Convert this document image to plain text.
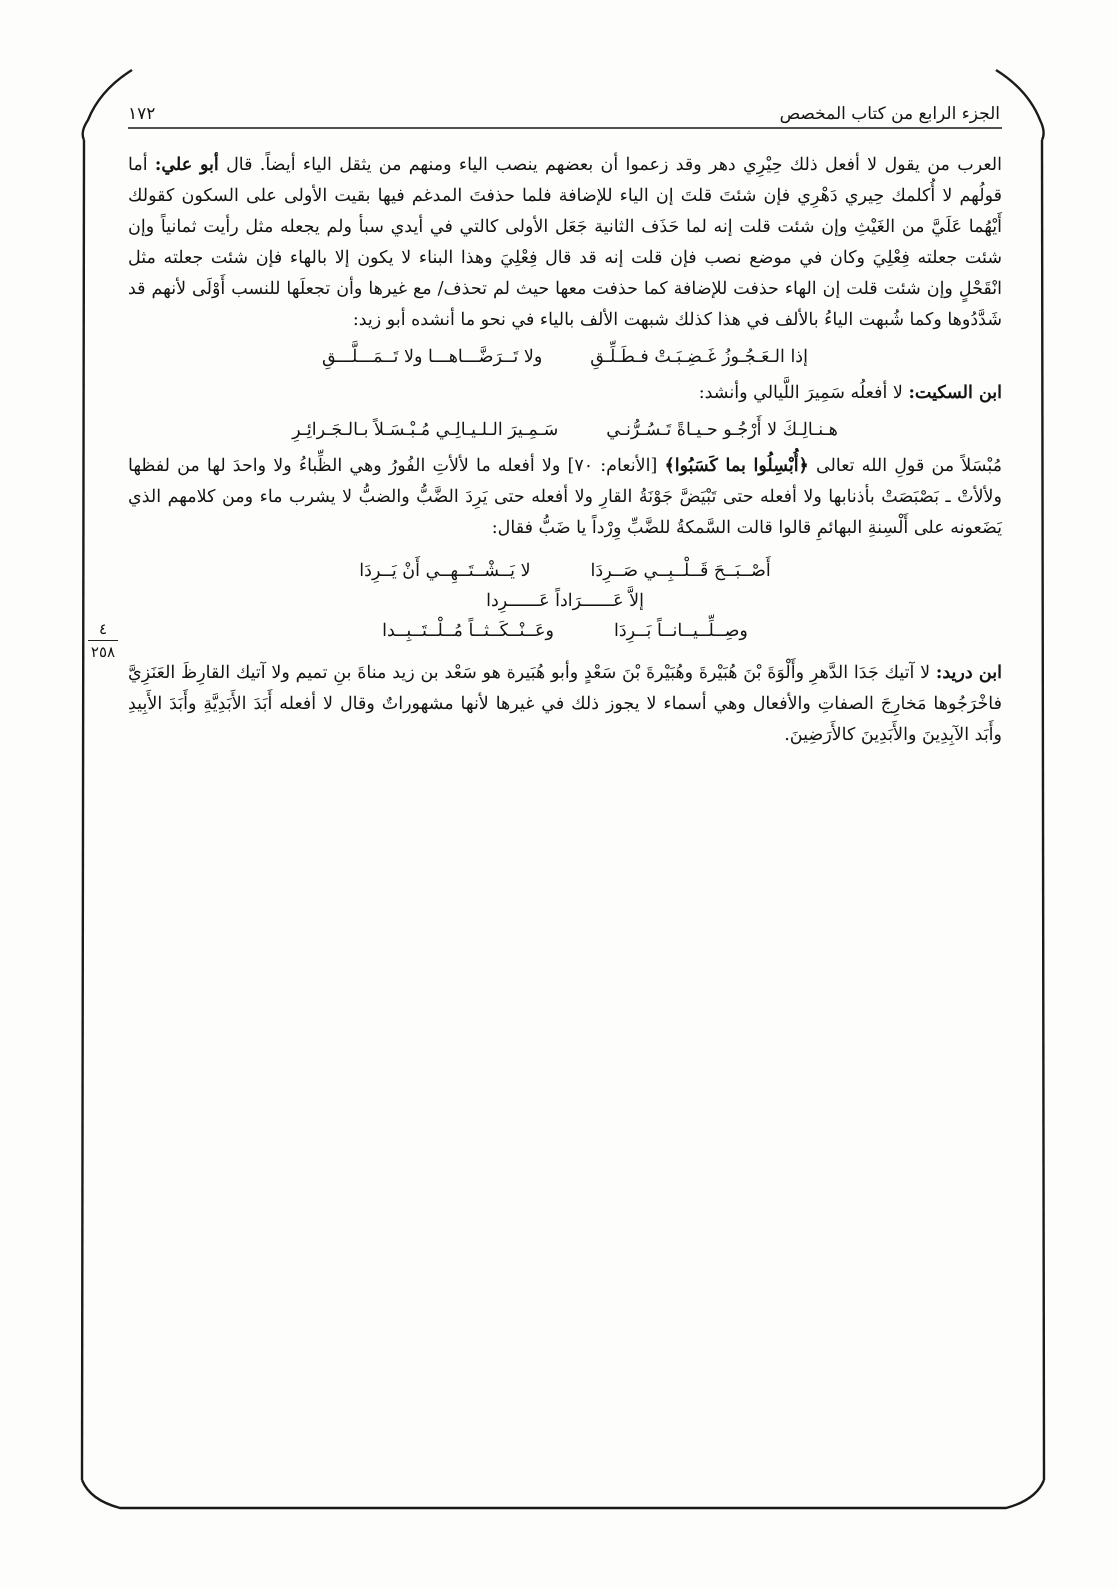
١٧٢	الجزء الرابع من كتاب المخصص
٤
٢٥٨

العرب من يقول لا أفعل ذلك حِيْرِي دهر وقد زعموا أن بعضهم ينصب الياء ومنهم من يثقل الياء أيضاً. قال أبو علي: أما قولُهم لا أُكلمك حِيري دَهْرِي فإن شئتَ قلتَ إن الياء للإضافة فلما حذفتَ المدغم فيها بقيت الأولى على السكون كقولك أَيْهُما عَلَيَّ من الغَيْثِ وإن شئت قلت إنه لما حَذَف الثانية جَعَل الأولى كالتي في أيدي سبأ ولم يجعله مثل رأيت ثمانياً وإن شئت جعلته فِعْلِيَ وكان في موضع نصب فإن قلت إنه قد قال فِعْلِيَ وهذا البناء لا يكون إلا بالهاء فإن شئت جعلته مثل انْقَحْلٍ وإن شئت قلت إن الهاء حذفت للإضافة كما حذفت معها حيث لم تحذف/ مع غيرها وأن تجعلَها للنسب أَوْلَى لأنهم قد شَدَّدُوها وكما شُبهت الياءُ بالألف في هذا كذلك شبهت الألف بالياء في نحو ما أنشده أبو زيد:

إذا الـعَـجُـوزُ غَـضِـبَـتْ فـطَـلِّـقِ
ولا تَــرَضَّـــاهـــا ولا تَــمَـــلَّـــقِ

ابن السكيت: لا أفعلُه سَمِيرَ اللَّيالي وأنشد:

هـنـالِـكَ لا أَرْجُـو حـيـاةً تَـسُـرُّنـي
سَـمِـيرَ الـلـيـالِـي مُـبْـسَـلاً بـالـجَـرائِـرِ

مُبْسَلاً من قولِ الله تعالى ﴿أُبْسِلُوا بما كَسَبُوا﴾ [الأنعام: ٧٠] ولا أفعله ما لألأتِ الفُورُ وهي الظِّباءُ ولا واحدَ لها من لفظها ولألأتْ ـ بَصْبَصَتْ بأذنابها ولا أفعله حتى تَبْيَضَّ جَوْنَةُ القارِ ولا أفعله حتى يَرِدَ الضَّبُّ والضبُّ لا يشرب ماء ومن كلامهم الذي يَضَعونه على أَلْسِنةِ البهائمِ قالوا قالت السَّمكةُ للضَّبِّ وِرْداً يا ضَبُّ فقال:

أَصْــبَــحَ قَــلْــبِــي صَــرِدَا
لا يَــشْــتَــهِــي أَنْ يَــرِدَا
إلاَّ عَــــــرَاداً عَــــــرِدا
وصِــلِّــيــانــاً بَــرِدَا
وعَــنْــكَــثــاً مُــلْــتَــبِــدا

ابن دريد: لا آتيك جَدَا الدَّهرِ وأَلْوَةَ بْنَ هُبَيْرةَ وهُبَيْرةَ بْنَ سَعْدٍ وأبو هُبَيرة هو سَعْد بن زيد مناةَ بنِ تميم ولا آتيك القارِظَ العَنَزِيَّ فاخْرَجُوها مَخارِجَ الصفاتِ والأفعال وهي أسماء لا يجوز ذلك في غيرها لأنها مشهوراتٌ وقال لا أفعله أَبَدَ الأَبَدِيَّةِ وأَبَدَ الأَبِيدِ وأَبَد الآبِدِينَ والأَبَدِينَ كالأَرَضِينَ.
